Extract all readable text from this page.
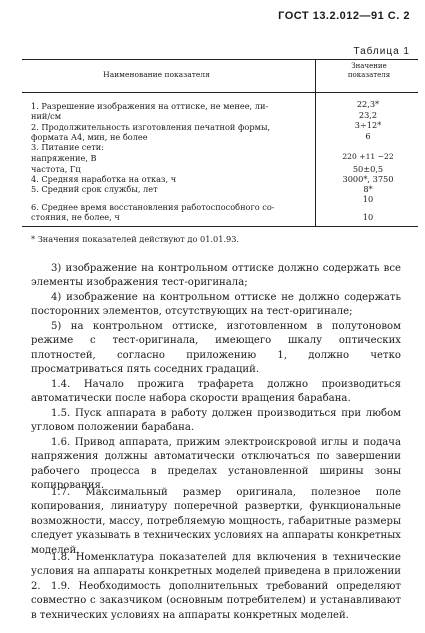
ГОСТ 13.2.012—91 С. 2
Таблица 1
Наименование показателя
Значение показателя
1. Разрешение изображения на оттиске, не менее, ли-
ний/см
2. Продолжительность изготовления печатной формы,
формата А4, мин, не более
3. Питание сети:
напряжение, В
частота, Гц
4. Средняя наработка на отказ, ч
5. Средний срок службы, лет
6. Среднее время восстановления работоспособного со-
стояния, не более, ч
22,3*
23,2
3÷12*
6
220 +11 −22
50±0,5
3000*, 3750
8*
10
10
* Значения показателей действуют до 01.01.93.
3) изображение на контрольном оттиске должно содержать все элементы изображения тест-оригинала;
4) изображение на контрольном оттиске не должно содержать посторонних элементов, отсутствующих на тест-оригинале;
5) на контрольном оттиске, изготовленном в полутоновом режиме с тест-оригинала, имеющего шкалу оптических плотностей, согласно приложению 1, должно четко просматриваться пять соседних градаций.
1.4. Начало прожига трафарета должно производиться автоматически после набора скорости вращения барабана.
1.5. Пуск аппарата в работу должен производиться при любом угловом положении барабана.
1.6. Привод аппарата, прижим электроискровой иглы и подача напряжения должны автоматически отключаться по завершении рабочего процесса в пределах установленной ширины зоны копирования.
1.7. Максимальный размер оригинала, полезное поле копирования, линиатуру поперечной развертки, функциональные возможности, массу, потребляемую мощность, габаритные размеры следует указывать в технических условиях на аппараты конкретных моделей.
1.8. Номенклатура показателей для включения в технические условия на аппараты конкретных моделей приведена в приложении 2.	1.9. Необходимость дополнительных требований определяют совместно с заказчиком (основным потребителем) и устанавливают в технических условиях на аппараты конкретных моделей.
